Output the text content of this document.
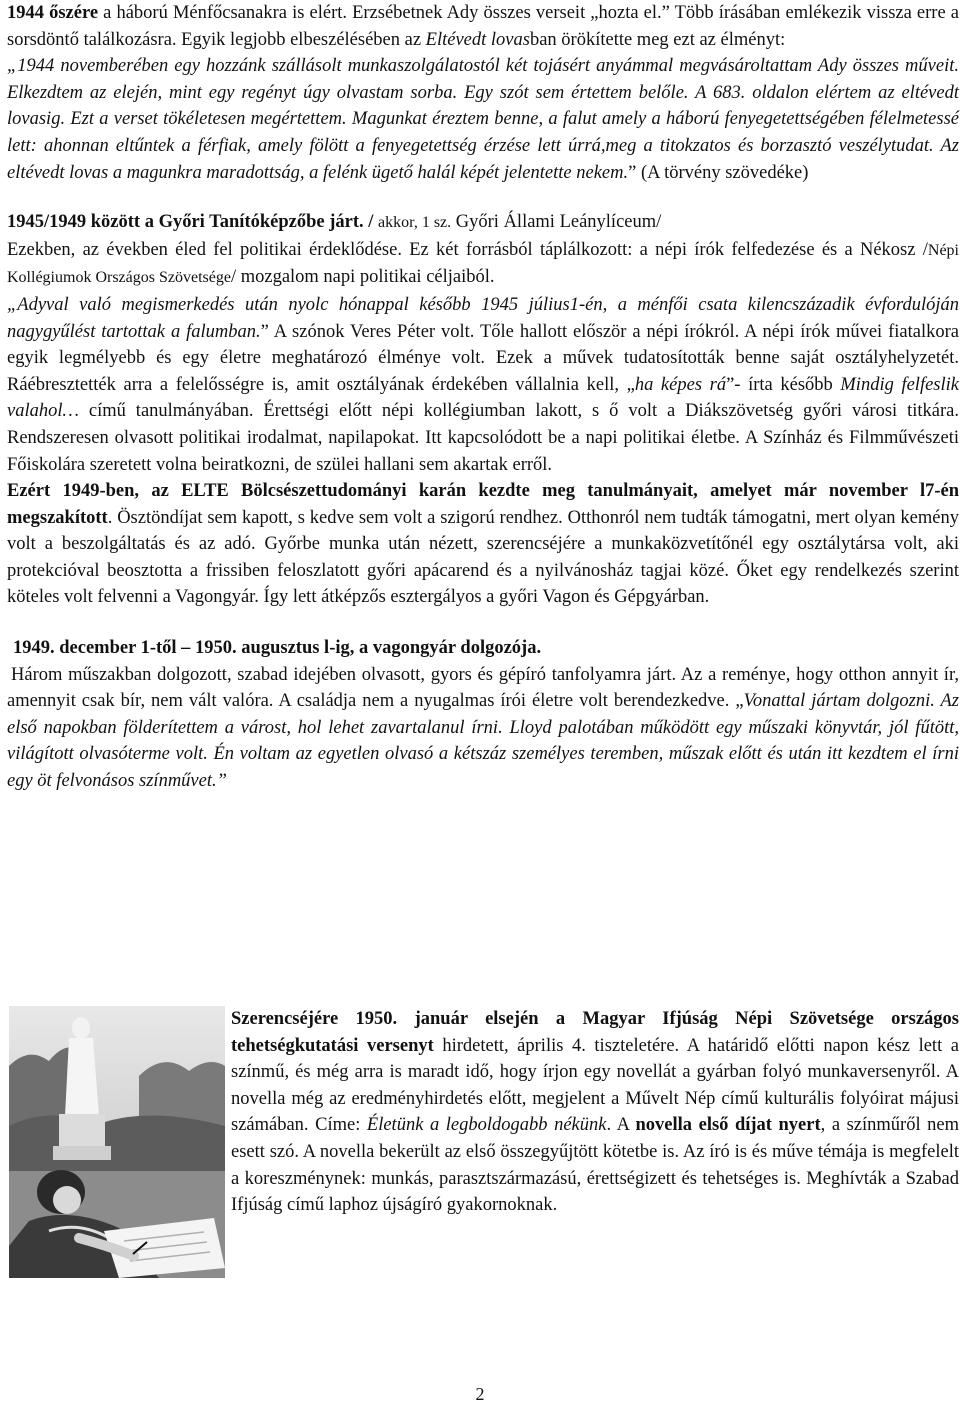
1944 őszére a háború Ménfőcsanakra is elért. Erzsébetnek Ady összes verseit „hozta el.” Több írásában emlékezik vissza erre a sorsdöntő találkozásra. Egyik legjobb elbeszélésében az Eltévedt lovasban örökítette meg ezt az élményt:

„1944 novemberében egy hozzánk szállásolt munkaszolgálatostól két tojásért anyámmal megvásároltattam Ady összes műveit. Elkezdtem az elején, mint egy regényt úgy olvastam sorba. Egy szót sem értettem belőle. A 683. oldalon elértem az eltévedt lovasig. Ezt a verset tökéletesen megértettem. Magunkat éreztem benne, a falut amely a háború fenyegetettségében félelmetessé lett: ahonnan eltűntek a férfiak, amely fölött a fenyegetettség érzése lett úrrá,meg a titokzatos és borzasztó veszélytudat. Az eltévedt lovas a magunkra maradottság, a felénk ügető halál képét jelentette nekem.” (A törvény szövedéke)

1945/1949 között a Győri Tanítóképzőbe járt. / akkor, 1 sz. Győri Állami Leánylíceum/

Ezekben, az években éled fel politikai érdeklődése. Ez két forrásból táplálkozott: a népi írók felfedezése és a Nékosz /Népi Kollégiumok Országos Szövetsége/ mozgalom napi politikai céljaiból.

„Adyval való megismerkedés után nyolc hónappal később 1945 július1-én, a ménfői csata kilencszázadik évfordulóján nagygyűlést tartottak a falumban.” A szónok Veres Péter volt. Tőle hallott először a népi írókról. A népi írók művei fiatalkora egyik legmélyebb és egy életre meghatározó élménye volt. Ezek a művek tudatosították benne saját osztályhelyzetét. Ráébresztették arra a felelősségre is, amit osztályának érdekében vállalnia kell, „ha képes rá”- írta később Mindig felfeslik valahol… című tanulmányában. Érettségi előtt népi kollégiumban lakott, s ő volt a Diákszövetség győri városi titkára. Rendszeresen olvasott politikai irodalmat, napilapokat. Itt kapcsolódott be a napi politikai életbe. A Színház és Filmművészeti Főiskolára szeretett volna beiratkozni, de szülei hallani sem akartak erről.

Ezért 1949-ben, az ELTE Bölcsészettudományi karán kezdte meg tanulmányait, amelyet már november l7-én megszakított. Ösztöndíjat sem kapott, s kedve sem volt a szigorú rendhez. Otthonról nem tudták támogatni, mert olyan kemény volt a beszolgáltatás és az adó. Győrbe munka után nézett, szerencséjére a munkaközvetítőnél egy osztálytársa volt, aki protekcióval beosztotta a frissiben feloszlatott győri apácarend és a nyilvánosház tagjai közé. Őket egy rendelkezés szerint köteles volt felvenni a Vagongyár. Így lett átképzős esztergályos a győri Vagon és Gépgyárban.

1949. december 1-től – 1950. augusztus l-ig, a vagongyár dolgozója.

Három műszakban dolgozott, szabad idejében olvasott, gyors és gépíró tanfolyamra járt. Az a reménye, hogy otthon annyit ír, amennyit csak bír, nem vált valóra. A családja nem a nyugalmas írói életre volt berendezkedve. „Vonattal jártam dolgozni. Az első napokban földerítettem a várost, hol lehet zavartalanul írni. Lloyd palotában működött egy műszaki könyvtár, jól fűtött, világított olvasóterme volt. Én voltam az egyetlen olvasó a kétszáz személyes teremben, műszak előtt és után itt kezdtem el írni egy öt felvonásos színművet.”

Szerencséjére 1950. január elsején a Magyar Ifjúság Népi Szövetsége országos tehetségkutatási versenyt hirdetett, április 4. tiszteletére. A határidő előtti napon kész lett a színmű, és még arra is maradt idő, hogy írjon egy novellát a gyárban folyó munkaversenyről. A novella még az eredményhirdetés előtt, megjelent a Művelt Nép című kulturális folyóirat májusi számában. Címe: Életünk a legboldogabb nékünk. A novella első díjat nyert, a színműről nem esett szó. A novella bekerült az első összegyűjtött kötetbe is. Az író is és műve témája is megfelelt a koreszménynek: munkás, parasztszármazású, érettségizett és tehetséges is. Meghívták a Szabad Ifjúság című laphoz újságíró gyakornoknak.

2
